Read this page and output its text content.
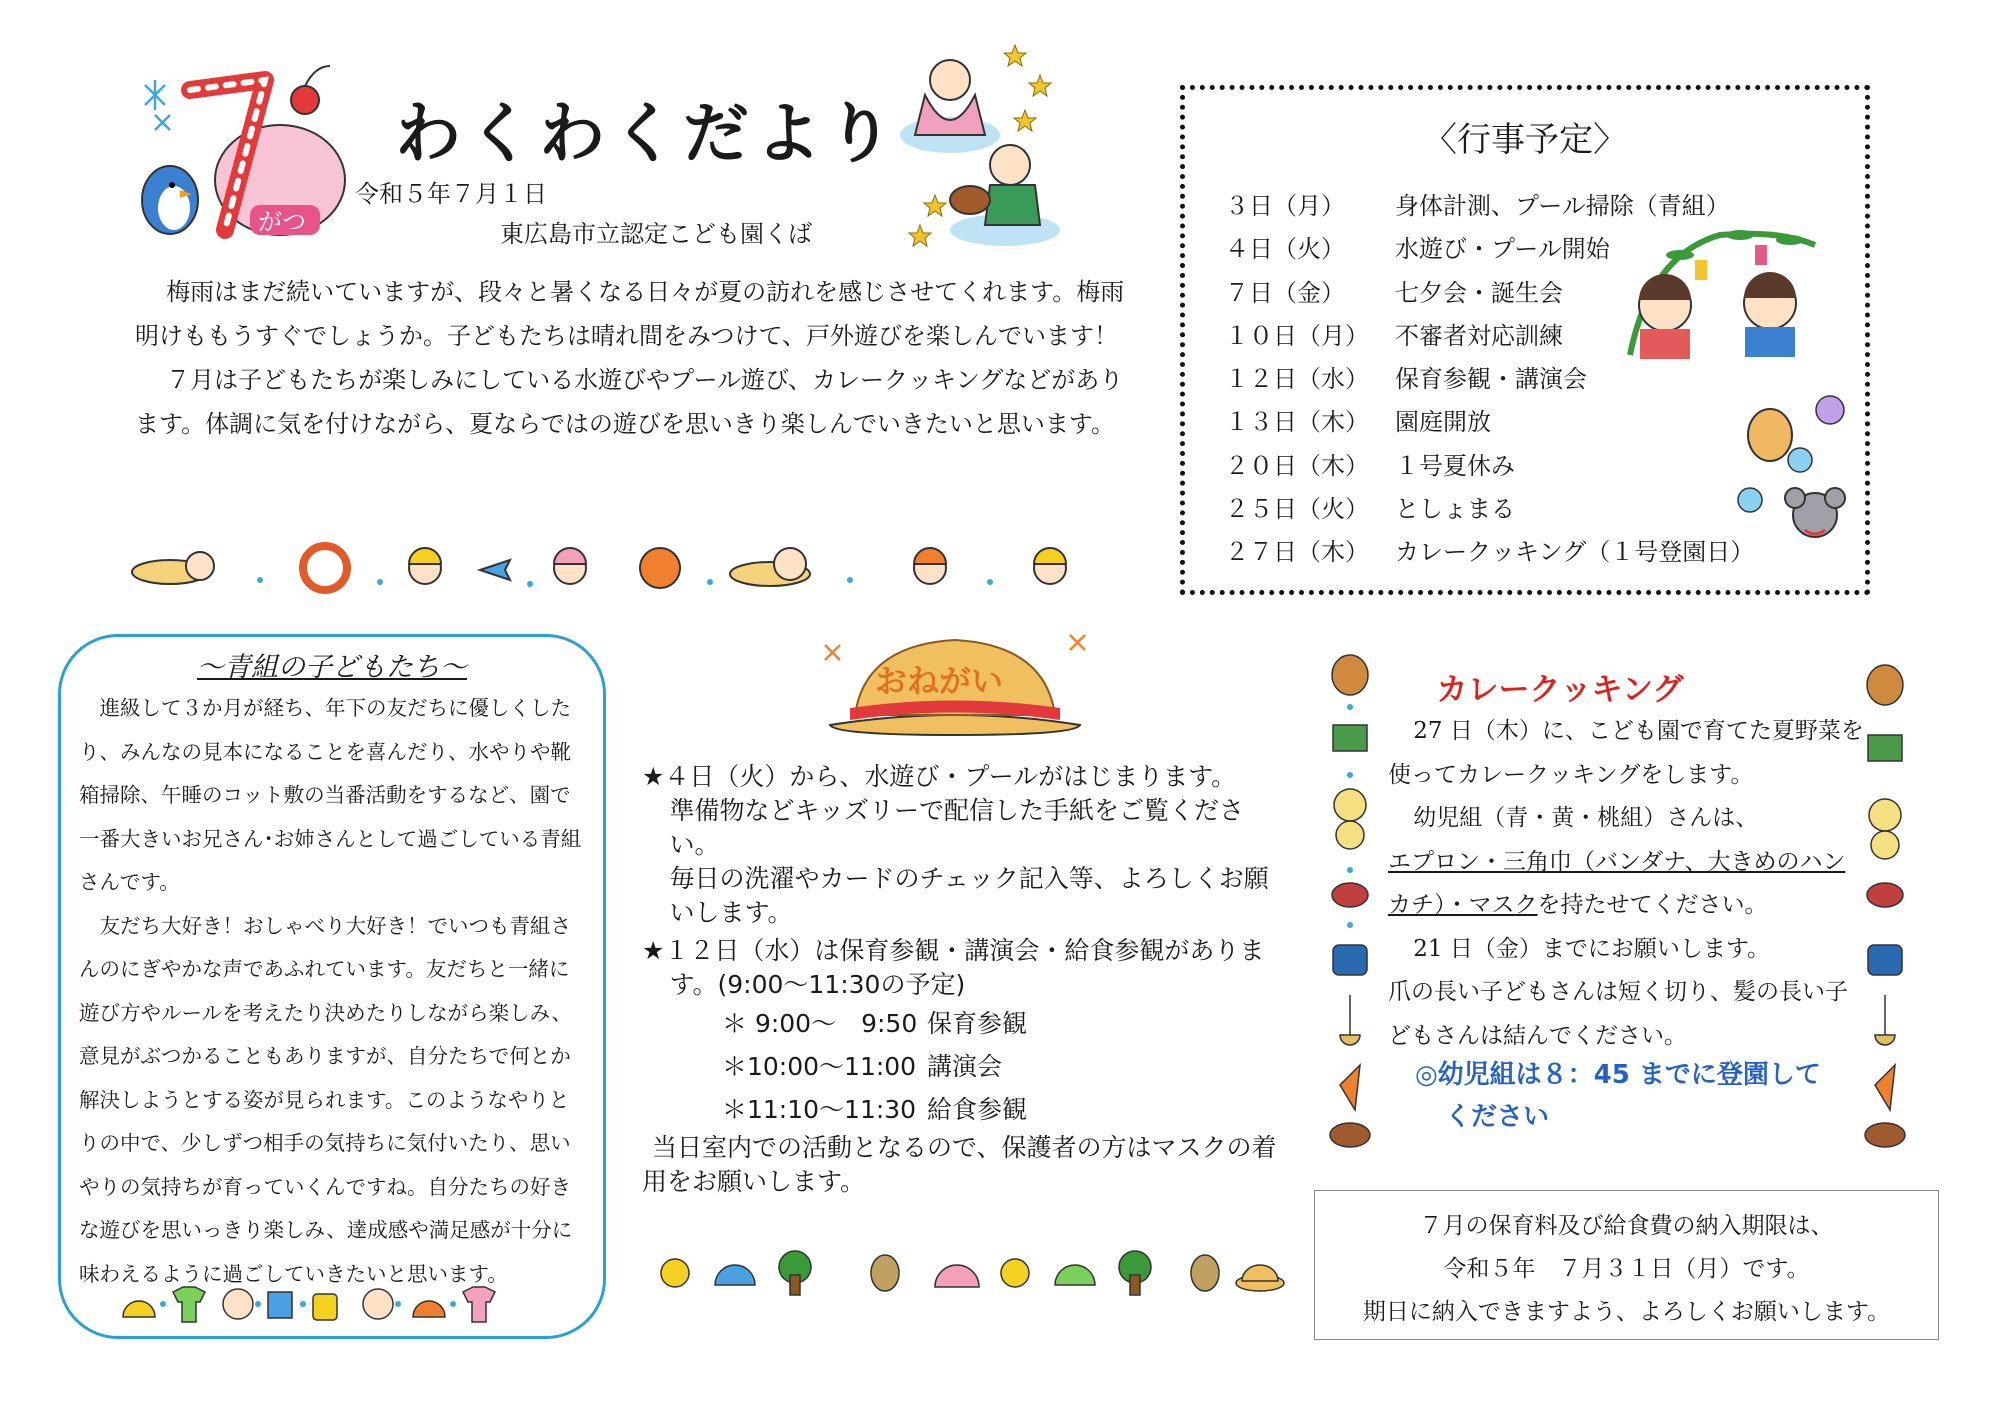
がつ
わくわくだより
令和５年７月１日
東広島市立認定こども園くば

梅雨はまだ続いていますが、段々と暑くなる日々が夏の訪れを感じさせてくれます。梅雨明けももうすぐでしょうか。子どもたちは晴れ間をみつけて、戸外遊びを楽しんでいます！

７月は子どもたちが楽しみにしている水遊びやプール遊び、カレークッキングなどがあります。体調に気を付けながら、夏ならではの遊びを思いきり楽しんでいきたいと思います。

〈行事予定〉
３日（月） 身体計測、プール掃除（青組）
４日（火） 水遊び・プール開始
７日（金） 七夕会・誕生会
１０日（月） 不審者対応訓練
１２日（水） 保育参観・講演会
１３日（木） 園庭開放
２０日（木） １号夏休み
２５日（火） としょまる
２７日（木） カレークッキング（１号登園日）
～青組の子どもたち～

進級して３か月が経ち、年下の友だちに優しくしたり、みんなの見本になることを喜んだり、水やりや靴箱掃除、午睡のコット敷の当番活動をするなど、園で一番大きいお兄さん･お姉さんとして過ごしている青組さんです。

友だち大好き！おしゃべり大好き！でいつも青組さんのにぎやかな声であふれています。友だちと一緒に遊び方やルールを考えたり決めたりしながら楽しみ、意見がぶつかることもありますが、自分たちで何とか解決しようとする姿が見られます。このようなやりとりの中で、少しずつ相手の気持ちに気付いたり、思いやりの気持ちが育っていくんですね。自分たちの好きな遊びを思いっきり楽しみ、達成感や満足感が十分に味わえるように過ごしていきたいと思います。

おねがい
★４日（火）から、水遊び・プールがはじまります。
準備物などキッズリーで配信した手紙をご覧ください。
毎日の洗濯やカードのチェック記入等、よろしくお願いします。
★１２日（水）は保育参観・講演会・給食参観があります。(9:00～11:30の予定)
＊ 9:00～　9:50 保育参観
＊10:00～11:00 講演会
＊11:10～11:30 給食参観
当日室内での活動となるので、保護者の方はマスクの着用をお願いします。
カレークッキング
27 日（木）に、こども園で育てた夏野菜を使ってカレークッキングをします。
幼児組（青・黄・桃組）さんは、
エプロン・三角巾（バンダナ、大きめのハンカチ）・マスクを持たせてください。
21 日（金）までにお願いします。
爪の長い子どもさんは短く切り、髪の長い子どもさんは結んでください。
◎幼児組は８：45 までに登園して
ください
７月の保育料及び給食費の納入期限は、
令和５年　７月３１日（月）です。
期日に納入できますよう、よろしくお願いします。
